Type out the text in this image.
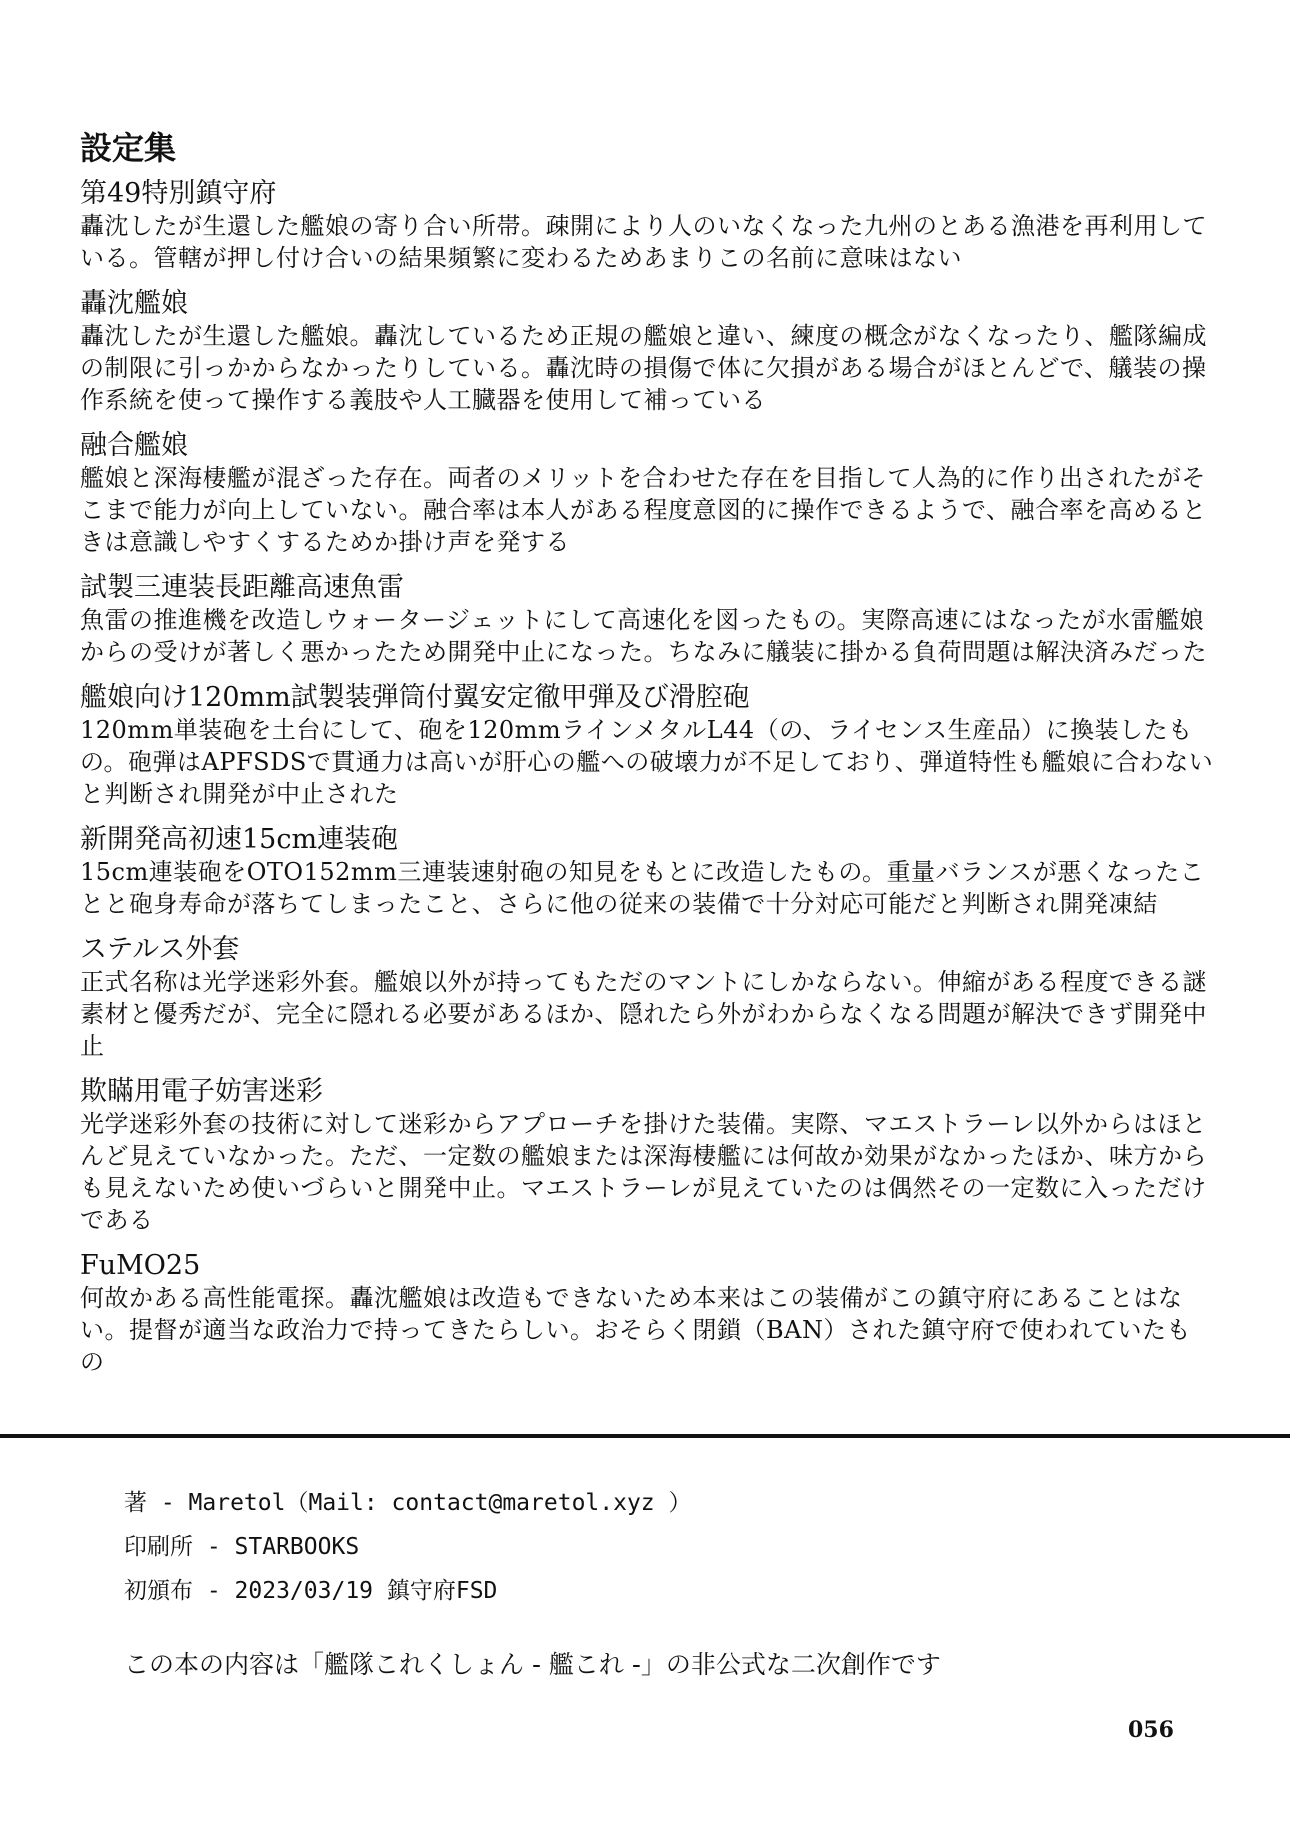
設定集

第49特別鎮守府

轟沈したが生還した艦娘の寄り合い所帯。疎開により人のいなくなった九州のとある漁港を再利用している。管轄が押し付け合いの結果頻繁に変わるためあまりこの名前に意味はない

轟沈艦娘

轟沈したが生還した艦娘。轟沈しているため正規の艦娘と違い、練度の概念がなくなったり、艦隊編成の制限に引っかからなかったりしている。轟沈時の損傷で体に欠損がある場合がほとんどで、艤装の操作系統を使って操作する義肢や人工臓器を使用して補っている

融合艦娘

艦娘と深海棲艦が混ざった存在。両者のメリットを合わせた存在を目指して人為的に作り出されたがそこまで能力が向上していない。融合率は本人がある程度意図的に操作できるようで、融合率を高めるときは意識しやすくするためか掛け声を発する

試製三連装長距離高速魚雷

魚雷の推進機を改造しウォータージェットにして高速化を図ったもの。実際高速にはなったが水雷艦娘からの受けが著しく悪かったため開発中止になった。ちなみに艤装に掛かる負荷問題は解決済みだった

艦娘向け120mm試製装弾筒付翼安定徹甲弾及び滑腔砲

120mm単装砲を土台にして、砲を120mmラインメタルL44（の、ライセンス生産品）に換装したもの。砲弾はAPFSDSで貫通力は高いが肝心の艦への破壊力が不足しており、弾道特性も艦娘に合わないと判断され開発が中止された

新開発高初速15cm連装砲

15cm連装砲をOTO152mm三連装速射砲の知見をもとに改造したもの。重量バランスが悪くなったことと砲身寿命が落ちてしまったこと、さらに他の従来の装備で十分対応可能だと判断され開発凍結

ステルス外套

正式名称は光学迷彩外套。艦娘以外が持ってもただのマントにしかならない。伸縮がある程度できる謎素材と優秀だが、完全に隠れる必要があるほか、隠れたら外がわからなくなる問題が解決できず開発中止

欺瞞用電子妨害迷彩

光学迷彩外套の技術に対して迷彩からアプローチを掛けた装備。実際、マエストラーレ以外からはほとんど見えていなかった。ただ、一定数の艦娘または深海棲艦には何故か効果がなかったほか、味方からも見えないため使いづらいと開発中止。マエストラーレが見えていたのは偶然その一定数に入っただけである

FuMO25

何故かある高性能電探。轟沈艦娘は改造もできないため本来はこの装備がこの鎮守府にあることはない。提督が適当な政治力で持ってきたらしい。おそらく閉鎖（BAN）された鎮守府で使われていたもの

著 - Maretol（Mail: contact@maretol.xyz ）

印刷所 - STARBOOKS

初頒布 - 2023/03/19 鎮守府FSD

この本の内容は「艦隊これくしょん - 艦これ -」の非公式な二次創作です

056
